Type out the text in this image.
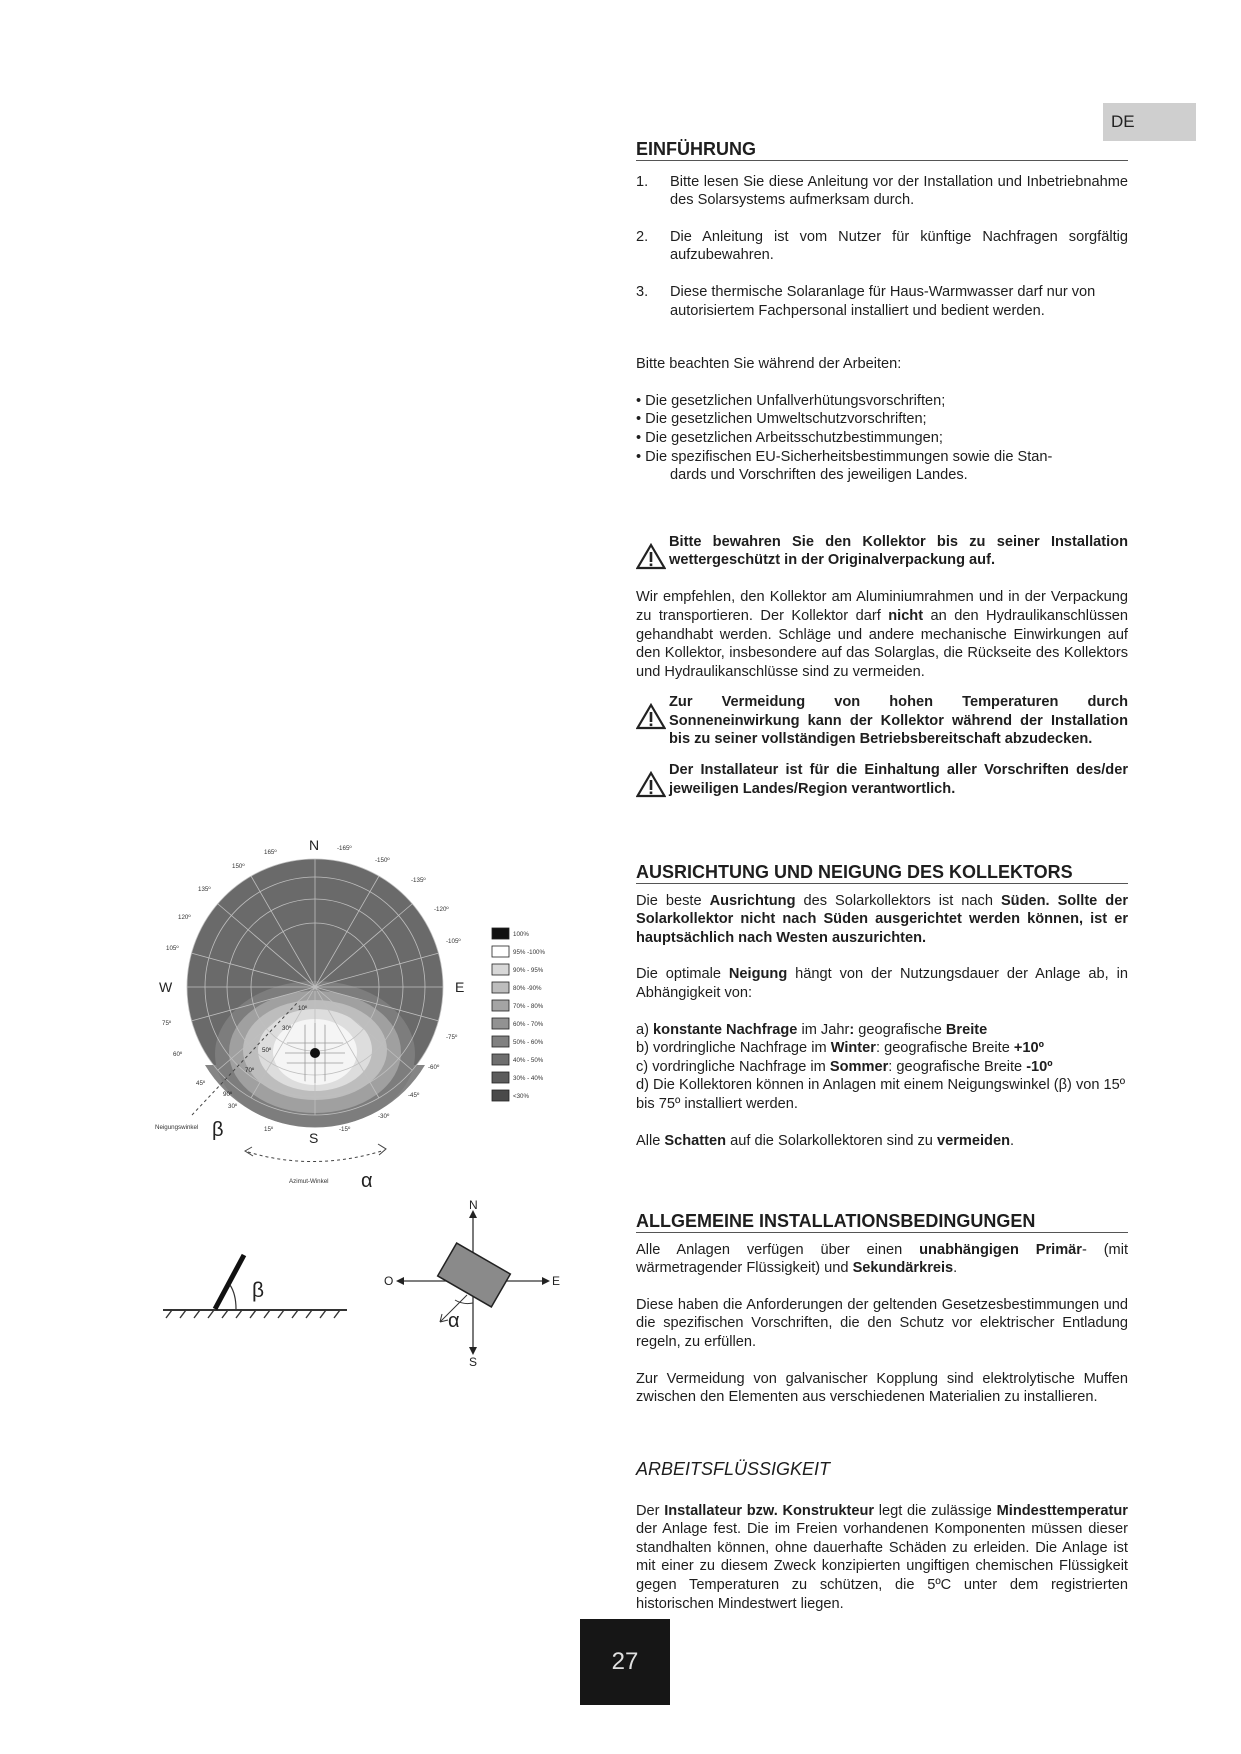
DE
EINFÜHRUNG
1.	Bitte lesen Sie diese Anleitung vor der Installation und Inbetriebnahme des Solarsystems aufmerksam durch.
2.	Die Anleitung ist vom Nutzer für künftige Nachfragen sorgfältig aufzubewahren.
3.	Diese thermische Solaranlage für Haus-Warmwasser darf nur von autorisiertem Fachpersonal installiert und bedient werden.

Bitte beachten Sie während der Arbeiten:

• Die gesetzlichen Unfallverhütungsvorschriften;
• Die gesetzlichen Umweltschutzvorschriften;
• Die gesetzlichen Arbeitsschutzbestimmungen;
• Die spezifischen EU-Sicherheitsbestimmungen sowie die Stan-
dards und Vorschriften des jeweiligen Landes.
Bitte bewahren Sie den Kollektor bis zu seiner Installation wettergeschützt in der Originalverpackung auf.

Wir empfehlen, den Kollektor am Aluminiumrahmen und in der Verpackung zu transportieren. Der Kollektor darf nicht an den Hydraulikanschlüssen gehandhabt werden. Schläge und andere mechanische Einwirkungen auf den Kollektor, insbesondere auf das Solarglas, die Rückseite des Kollektors und Hydraulikanschlüsse sind zu vermeiden.

Zur Vermeidung von hohen Temperaturen durch Sonneneinwirkung kann der Kollektor während der Installation bis zu seiner vollständigen Betriebsbereitschaft abzudecken.
Der Installateur ist für die Einhaltung aller Vorschriften des/der jeweiligen Landes/Region verantwortlich.
AUSRICHTUNG UND NEIGUNG DES KOLLEKTORS

Die beste Ausrichtung des Solarkollektors ist nach Süden. Sollte der Solarkollektor nicht nach Süden ausgerichtet werden können, ist er hauptsächlich nach Westen auszurichten.

Die optimale Neigung hängt von der Nutzungsdauer der Anlage ab, in Abhängigkeit von:

a) konstante Nachfrage im Jahr: geografische Breite

b) vordringliche Nachfrage im Winter: geografische Breite +10º

c) vordringliche Nachfrage im Sommer: geografische Breite -10º

d) Die Kollektoren können in Anlagen mit einem Neigungswinkel (β) von 15º bis 75º installiert werden.

Alle Schatten auf die Solarkollektoren sind zu vermeiden.

ALLGEMEINE INSTALLATIONSBEDINGUNGEN

Alle Anlagen verfügen über einen unabhängigen Primär- (mit wärmetragender Flüssigkeit) und Sekundärkreis.

Diese haben die Anforderungen der geltenden Gesetzesbestimmungen und die spezifischen Vorschriften, die den Schutz vor elektrischer Entladung regeln, zu erfüllen.

Zur Vermeidung von galvanischer Kopplung sind elektrolytische Muffen zwischen den Elementen aus verschiedenen Materialien zu installieren.

ARBEITSFLÜSSIGKEIT

Der Installateur bzw. Konstrukteur legt die zulässige Mindesttemperatur der Anlage fest. Die im Freien vorhandenen Komponenten müssen dieser standhalten können, ohne dauerhafte Schäden zu erleiden. Die Anlage ist mit einer zu diesem Zweck konzipierten ungiftigen chemischen Flüssigkeit gegen Temperaturen zu schützen, die 5ºC unter dem registrierten historischen Mindestwert liegen.

N
S
W	E
165º
150º
135º
120º
105º
75º
60º
45º
30º
15º	-15º
-30º
-45º
-60º
-75º
-105º
-120º
-135º
-150º
-165º
10º
30º
50º
70º
90º
Neigungswinkel β
Azimut-Winkel α
100%
95% -100%
90% - 95%
80% -90%
70% - 80%
60% - 70%
50% - 60%
40% - 50%
30% - 40%
<30%
β
N
S
O	E
α
27
